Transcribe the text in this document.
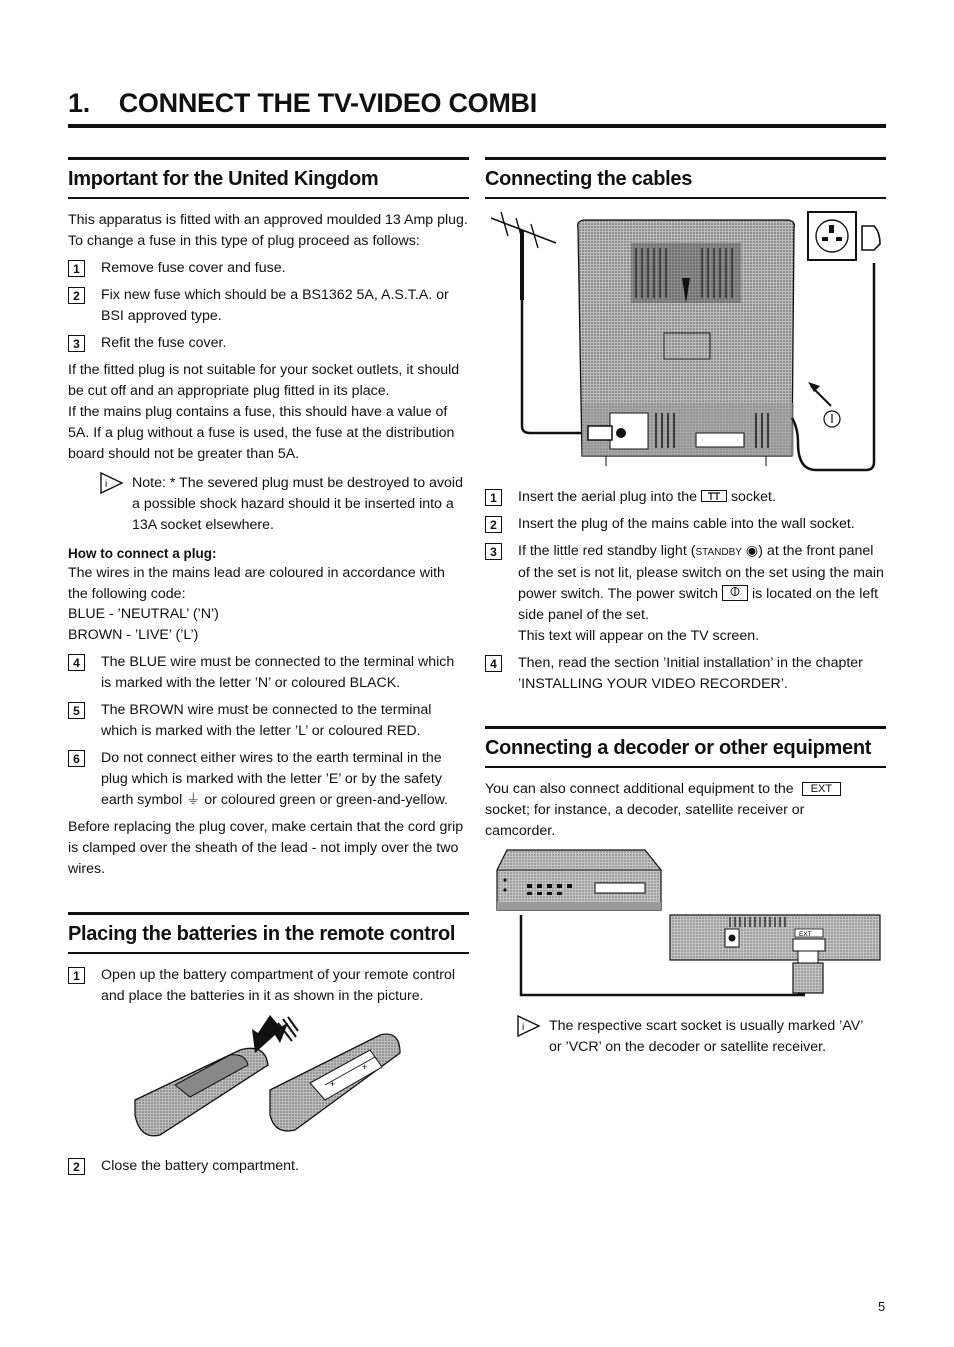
1.    CONNECT THE TV-VIDEO COMBI
Important for the United Kingdom
This apparatus is fitted with an approved moulded 13 Amp plug. To change a fuse in this type of plug proceed as follows:
1	Remove fuse cover and fuse.
2	Fix new fuse which should be a BS1362 5A, A.S.T.A. or BSI approved type.
3	Refit the fuse cover.
If the fitted plug is not suitable for your socket outlets, it should be cut off and an appropriate plug fitted in its place.
If the mains plug contains a fuse, this should have a value of 5A. If a plug without a fuse is used, the fuse at the distribution board should not be greater than 5A.
i Note: * The severed plug must be destroyed to avoid a possible shock hazard should it be inserted into a 13A socket elsewhere.
How to connect a plug:
The wires in the mains lead are coloured in accordance with the following code:
BLUE - ’NEUTRAL’ (’N’)
BROWN - ’LIVE’ (’L’)
4	The BLUE wire must be connected to the terminal which is marked with the letter ’N’ or coloured BLACK.
5	The BROWN wire must be connected to the terminal which is marked with the letter ’L’ or coloured RED.
6	Do not connect either wires to the earth terminal in the plug which is marked with the letter ’E’ or by the safety earth symbol ⏚ or coloured green or green-and-yellow.
Before replacing the plug cover, make certain that the cord grip is clamped over the sheath of the lead - not imply over the two wires.
Placing the batteries in the remote control
1	Open up the battery compartment of your remote control and place the batteries in it as shown in the picture.
+
+
2	Close the battery compartment.
Connecting the cables
1	Insert the aerial plug into the socket.
2	Insert the plug of the mains cable into the wall socket.
3	If the little red standby light (STANDBY ◉) at the front panel of the set is not lit, please switch on the set using the main power switch. The power switch is located on the left side panel of the set.
This text will appear on the TV screen.
4	Then, read the section ’Initial installation’ in the chapter ’INSTALLING YOUR VIDEO RECORDER’.
Connecting a decoder or other equipment
You can also connect additional equipment to the EXT socket; for instance, a decoder, satellite receiver or camcorder.
EXT
i The respective scart socket is usually marked ’AV’ or ’VCR’ on the decoder or satellite receiver.
5
